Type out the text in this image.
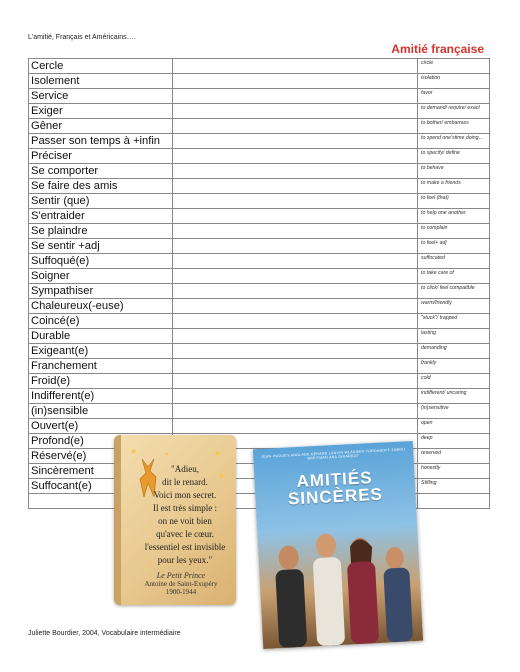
L'amitié, Français et Américains….
Amitié française
Cercle		circle
Isolement		isolation
Service		favor
Exiger		to demand/ require/ exact
Gêner		to bother/ embarrass
Passer son temps à +infin		to spend one'stime doing…
Préciser		to specify/ define
Se comporter		to behave
Se faire des amis		to make a friends
Sentir (que)		to feel (that)
S'entraider		to help one another
Se plaindre		to complain
Se sentir +adj		to feel+ adj
Suffoqué(e)		suffocated
Soigner		to take care of
Sympathiser		to click/ feel compatible
Chaleureux(-euse)		warm/friendly
Coincé(e)		"stuck"/ trapped
Durable		lasting
Exigeant(e)		demanding
Franchement		frankly
Froid(e)		cold
Indifferent(e)		indifferent/ uncaring
(in)sensible		(in)sensitive
Ouvert(e)		open
Profond(e)		deep
Réservé(e)		reserved
Sincèrement		honestly
Suffocant(e)		Stifling

★	★
★
★
"Adieu,
dit le renard.
Voici mon secret.
Il est très simple :
on ne voit bien
qu'avec le cœur.
l'essentiel est invisible
pour les yeux."
Le Petit Prince
Antoine de Saint-Exupéry
1900-1944
JEAN-HUGUES ANGLADE GÉRARD LANVIN WLADIMIR YORDANOFF ZABOU BREITMAN ANA GIRARDOT
AMITIÉS
SINCÈRES
Juliette Bourdier, 2004, Vocabulaire intermédiaire
